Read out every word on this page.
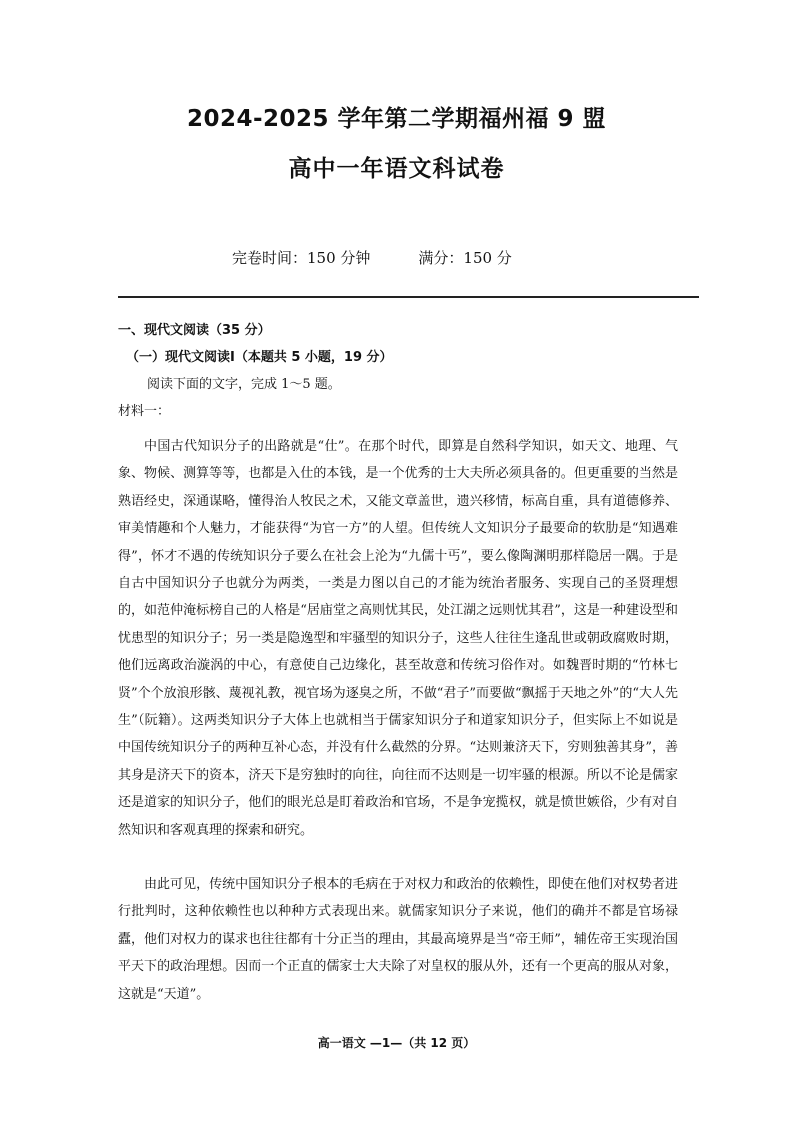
2024-2025 学年第二学期福州福 9 盟
高中一年语文科试卷
完卷时间：150 分钟	满分：150 分
一、现代文阅读（35 分）
（一）现代文阅读Ⅰ（本题共 5 小题，19 分）
阅读下面的文字，完成 1～5 题。
材料一：

中国古代知识分子的出路就是“仕”。在那个时代，即算是自然科学知识，如天文、地理、气象、物候、测算等等，也都是入仕的本钱，是一个优秀的士大夫所必须具备的。但更重要的当然是熟语经史，深通谋略，懂得治人牧民之术，又能文章盖世，遗兴移情，标高自重，具有道德修养、审美情趣和个人魅力，才能获得“为官一方”的人望。但传统人文知识分子最要命的软肋是“知遇难得”，怀才不遇的传统知识分子要么在社会上沦为“九儒十丐”，要么像陶渊明那样隐居一隅。于是自古中国知识分子也就分为两类，一类是力图以自己的才能为统治者服务、实现自己的圣贤理想的，如范仲淹标榜自己的人格是“居庙堂之高则忧其民，处江湖之远则忧其君”，这是一种建设型和忧患型的知识分子；另一类是隐逸型和牢骚型的知识分子，这些人往往生逢乱世或朝政腐败时期，他们远离政治漩涡的中心，有意使自己边缘化，甚至故意和传统习俗作对。如魏晋时期的“竹林七贤”个个放浪形骸、蔑视礼教，视官场为逐臭之所，不做“君子”而要做“飘摇于天地之外”的“大人先生”（阮籍）。这两类知识分子大体上也就相当于儒家知识分子和道家知识分子，但实际上不如说是中国传统知识分子的两种互补心态，并没有什么截然的分界。“达则兼济天下，穷则独善其身”，善其身是济天下的资本，济天下是穷独时的向往，向往而不达则是一切牢骚的根源。所以不论是儒家还是道家的知识分子，他们的眼光总是盯着政治和官场，不是争宠揽权，就是愤世嫉俗，少有对自然知识和客观真理的探索和研究。

由此可见，传统中国知识分子根本的毛病在于对权力和政治的依赖性，即使在他们对权势者进行批判时，这种依赖性也以种种方式表现出来。就儒家知识分子来说，他们的确并不都是官场禄蠹，他们对权力的谋求也往往都有十分正当的理由，其最高境界是当“帝王师”，辅佐帝王实现治国平天下的政治理想。因而一个正直的儒家士大夫除了对皇权的服从外，还有一个更高的服从对象，这就是“天道”。

高一语文 —1—（共 12 页）
